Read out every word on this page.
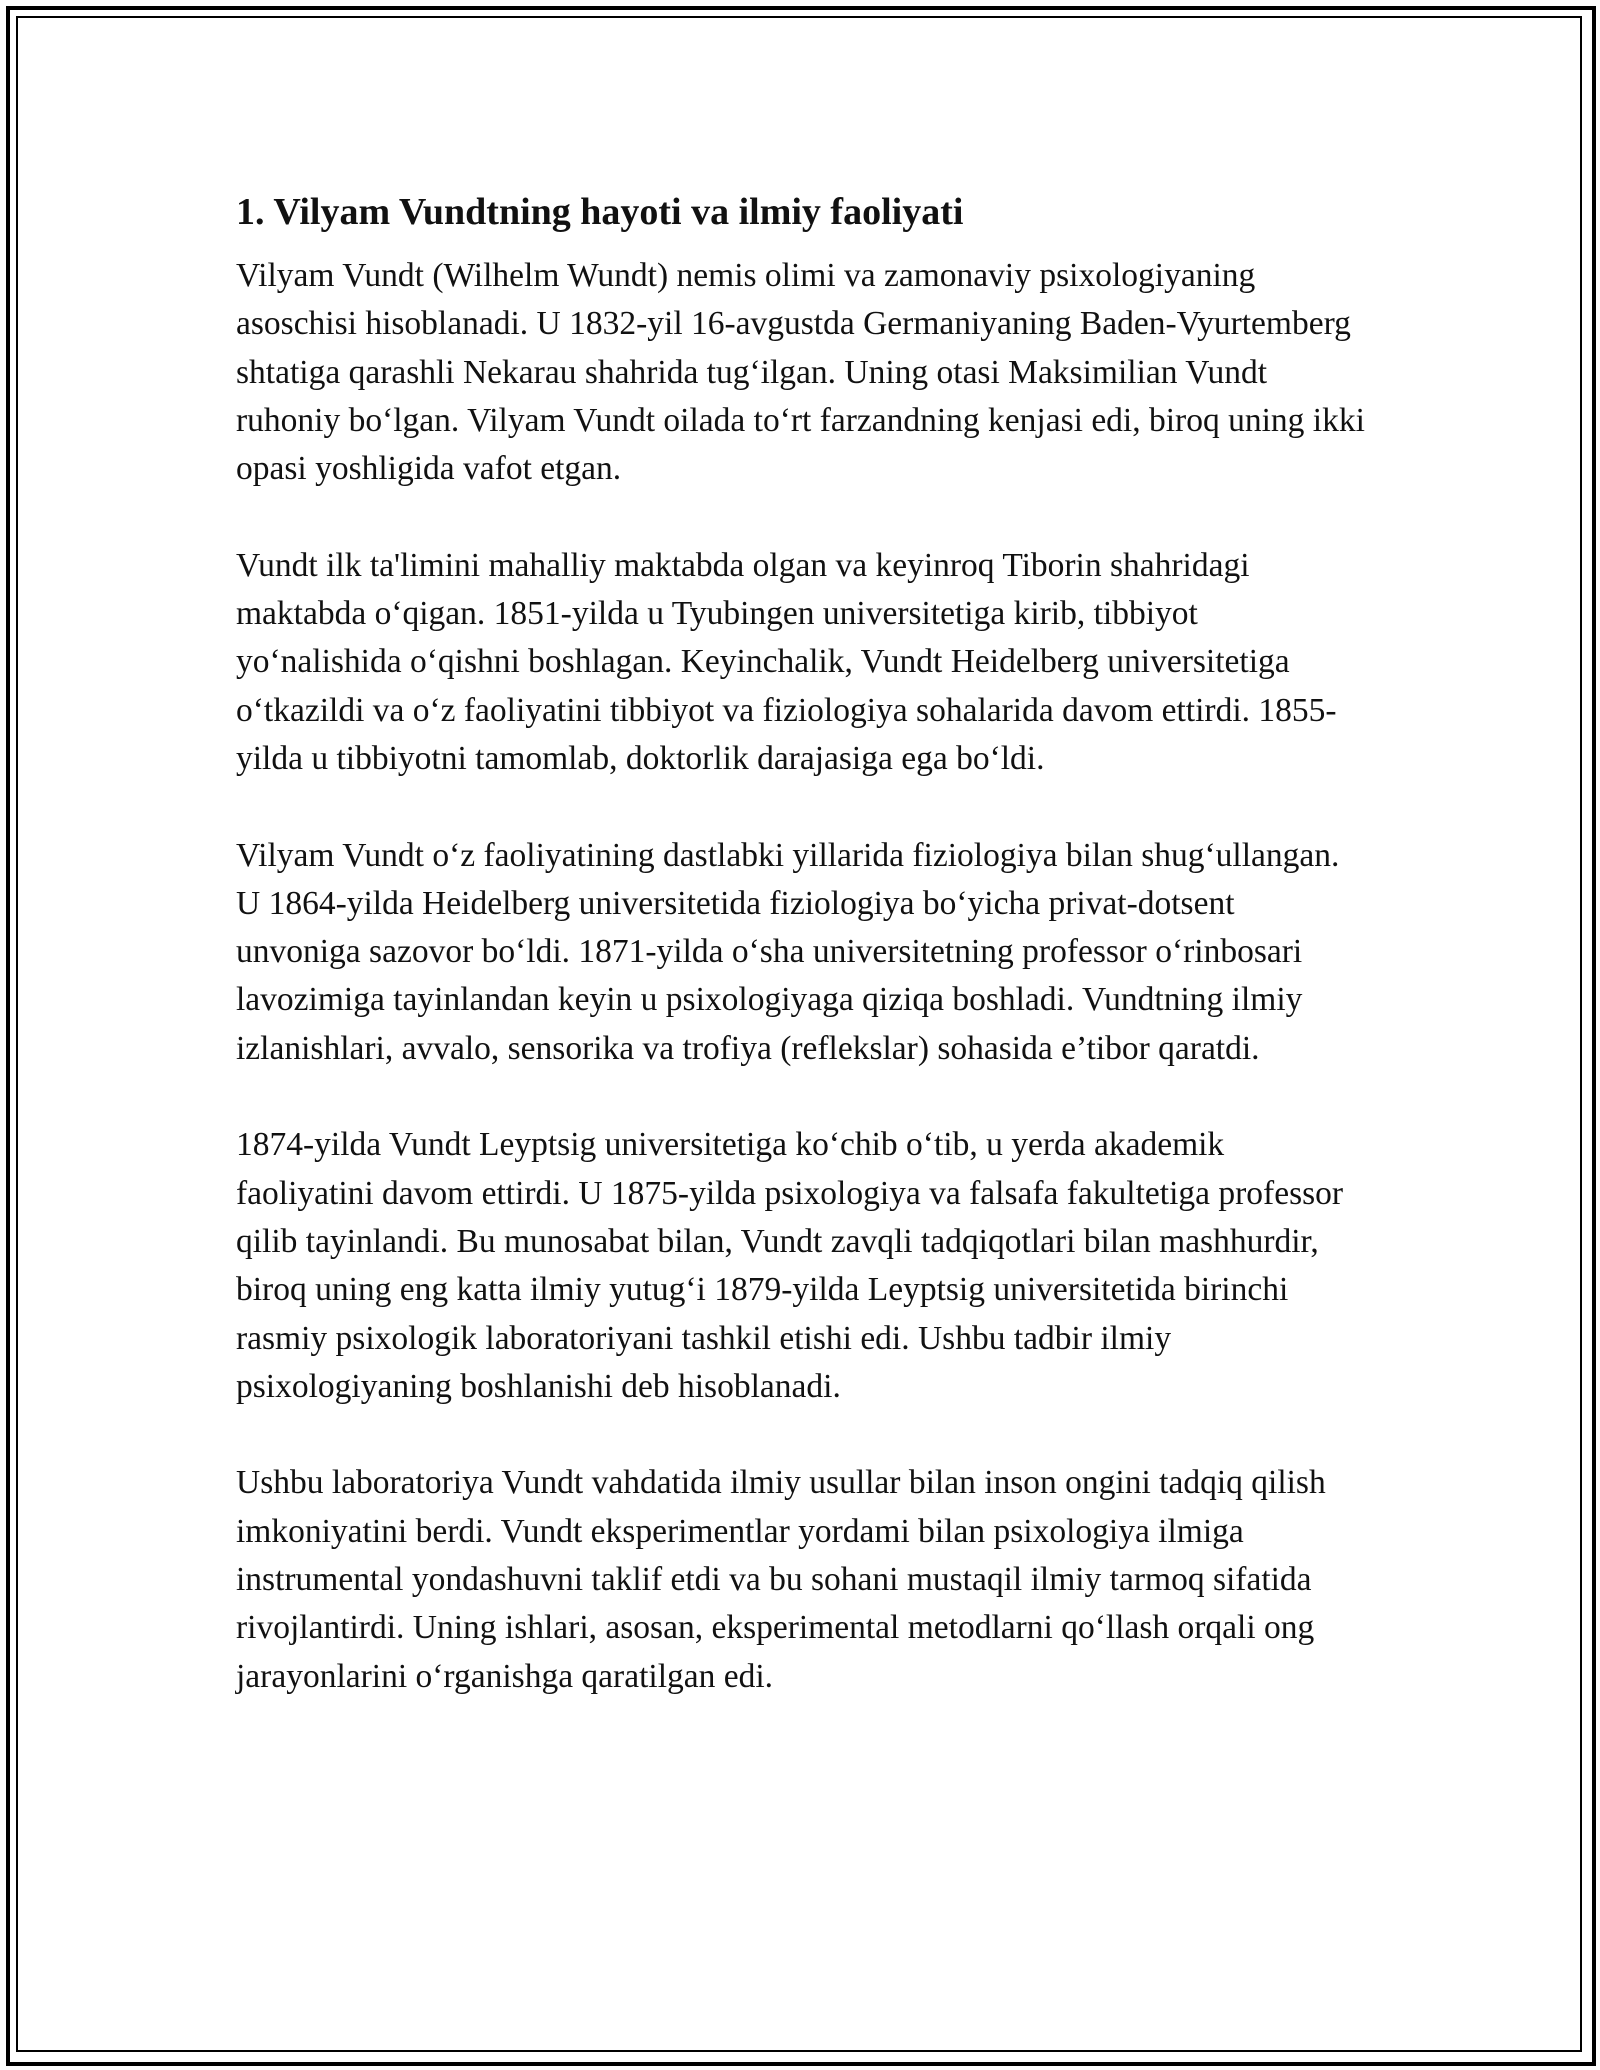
1. Vilyam Vundtning hayoti va ilmiy faoliyati

Vilyam Vundt (Wilhelm Wundt) nemis olimi va zamonaviy psixologiyaning asoschisi hisoblanadi. U 1832-yil 16-avgustda Germaniyaning Baden-Vyurtemberg shtatiga qarashli Nekarau shahrida tug‘ilgan. Uning otasi Maksimilian Vundt ruhoniy bo‘lgan. Vilyam Vundt oilada to‘rt farzandning kenjasi edi, biroq uning ikki opasi yoshligida vafot etgan.

Vundt ilk ta'limini mahalliy maktabda olgan va keyinroq Tiborin shahridagi maktabda o‘qigan. 1851-yilda u Tyubingen universitetiga kirib, tibbiyot yo‘nalishida o‘qishni boshlagan. Keyinchalik, Vundt Heidelberg universitetiga o‘tkazildi va o‘z faoliyatini tibbiyot va fiziologiya sohalarida davom ettirdi. 1855-yilda u tibbiyotni tamomlab, doktorlik darajasiga ega bo‘ldi.

Vilyam Vundt o‘z faoliyatining dastlabki yillarida fiziologiya bilan shug‘ullangan. U 1864-yilda Heidelberg universitetida fiziologiya bo‘yicha privat-dotsent unvoniga sazovor bo‘ldi. 1871-yilda o‘sha universitetning professor o‘rinbosari lavozimiga tayinlandan keyin u psixologiyaga qiziqa boshladi. Vundtning ilmiy izlanishlari, avvalo, sensorika va trofiya (reflekslar) sohasida e’tibor qaratdi.

1874-yilda Vundt Leyptsig universitetiga ko‘chib o‘tib, u yerda akademik faoliyatini davom ettirdi. U 1875-yilda psixologiya va falsafa fakultetiga professor qilib tayinlandi. Bu munosabat bilan, Vundt zavqli tadqiqotlari bilan mashhurdir, biroq uning eng katta ilmiy yutug‘i 1879-yilda Leyptsig universitetida birinchi rasmiy psixologik laboratoriyani tashkil etishi edi. Ushbu tadbir ilmiy psixologiyaning boshlanishi deb hisoblanadi.

Ushbu laboratoriya Vundt vahdatida ilmiy usullar bilan inson ongini tadqiq qilish imkoniyatini berdi. Vundt eksperimentlar yordami bilan psixologiya ilmiga instrumental yondashuvni taklif etdi va bu sohani mustaqil ilmiy tarmoq sifatida rivojlantirdi. Uning ishlari, asosan, eksperimental metodlarni qo‘llash orqali ong jarayonlarini o‘rganishga qaratilgan edi.
